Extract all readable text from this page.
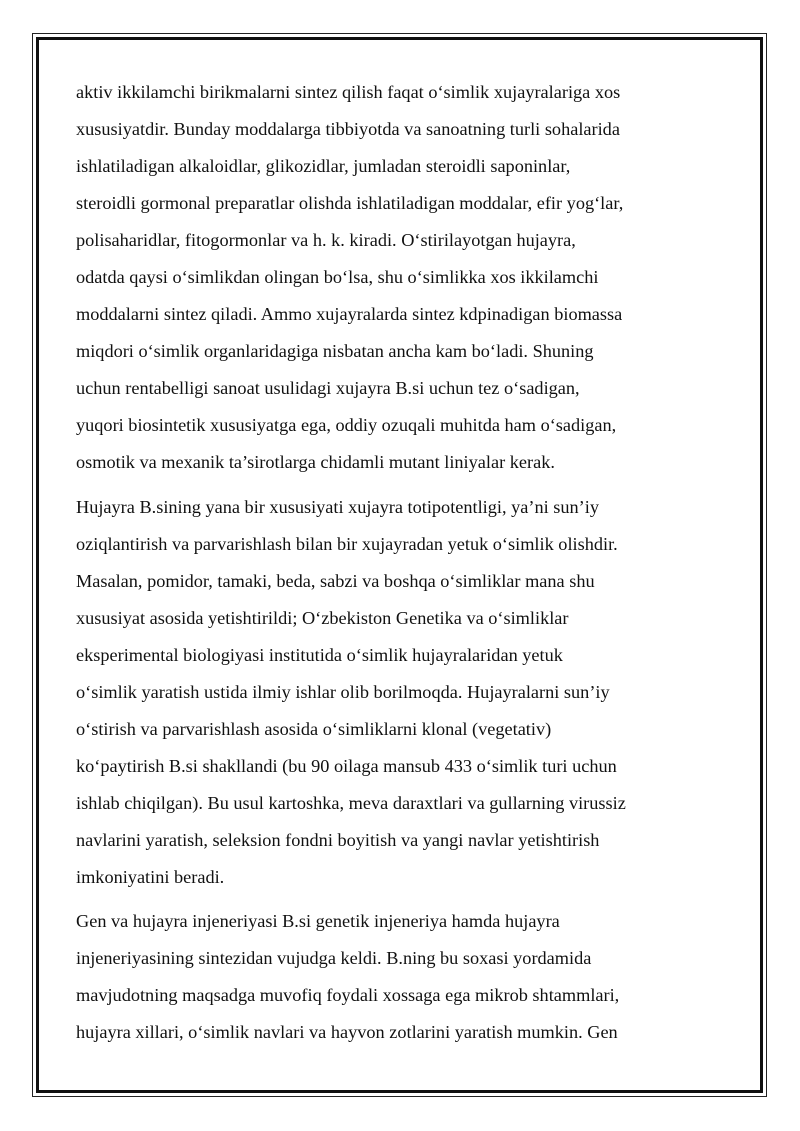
aktiv ikkilamchi birikmalarni sintez qilish faqat o‘simlik xujayralariga xos
xususiyatdir. Bunday moddalarga tibbiyotda va sanoatning turli sohalarida
ishlatiladigan alkaloidlar, glikozidlar, jumladan steroidli saponinlar,
steroidli gormonal preparatlar olishda ishlatiladigan moddalar, efir yog‘lar,
polisaharidlar, fitogormonlar va h. k. kiradi. O‘stirilayotgan hujayra,
odatda qaysi o‘simlikdan olingan bo‘lsa, shu o‘simlikka xos ikkilamchi
moddalarni sintez qiladi. Ammo xujayralarda sintez kdpinadigan biomassa
miqdori o‘simlik organlaridagiga nisbatan ancha kam bo‘ladi. Shuning
uchun rentabelligi sanoat usulidagi xujayra B.si uchun tez o‘sadigan,
yuqori biosintetik xususiyatga ega, oddiy ozuqali muhitda ham o‘sadigan,
osmotik va mexanik ta’sirotlarga chidamli mutant liniyalar kerak.

Hujayra B.sining yana bir xususiyati xujayra totipotentligi, ya’ni sun’iy
oziqlantirish va parvarishlash bilan bir xujayradan yetuk o‘simlik olishdir.
Masalan, pomidor, tamaki, beda, sabzi va boshqa o‘simliklar mana shu
xususiyat asosida yetishtirildi; O‘zbekiston Genetika va o‘simliklar
eksperimental biologiyasi institutida o‘simlik hujayralaridan yetuk
o‘simlik yaratish ustida ilmiy ishlar olib borilmoqda. Hujayralarni sun’iy
o‘stirish va parvarishlash asosida o‘simliklarni klonal (vegetativ)
ko‘paytirish B.si shakllandi (bu 90 oilaga mansub 433 o‘simlik turi uchun
ishlab chiqilgan). Bu usul kartoshka, meva daraxtlari va gullarning virussiz
navlarini yaratish, seleksion fondni boyitish va yangi navlar yetishtirish
imkoniyatini beradi.

Gen va hujayra injeneriyasi B.si genetik injeneriya hamda hujayra
injeneriyasining sintezidan vujudga keldi. B.ning bu soxasi yordamida
mavjudotning maqsadga muvofiq foydali xossaga ega mikrob shtammlari,
hujayra xillari, o‘simlik navlari va hayvon zotlarini yaratish mumkin. Gen
